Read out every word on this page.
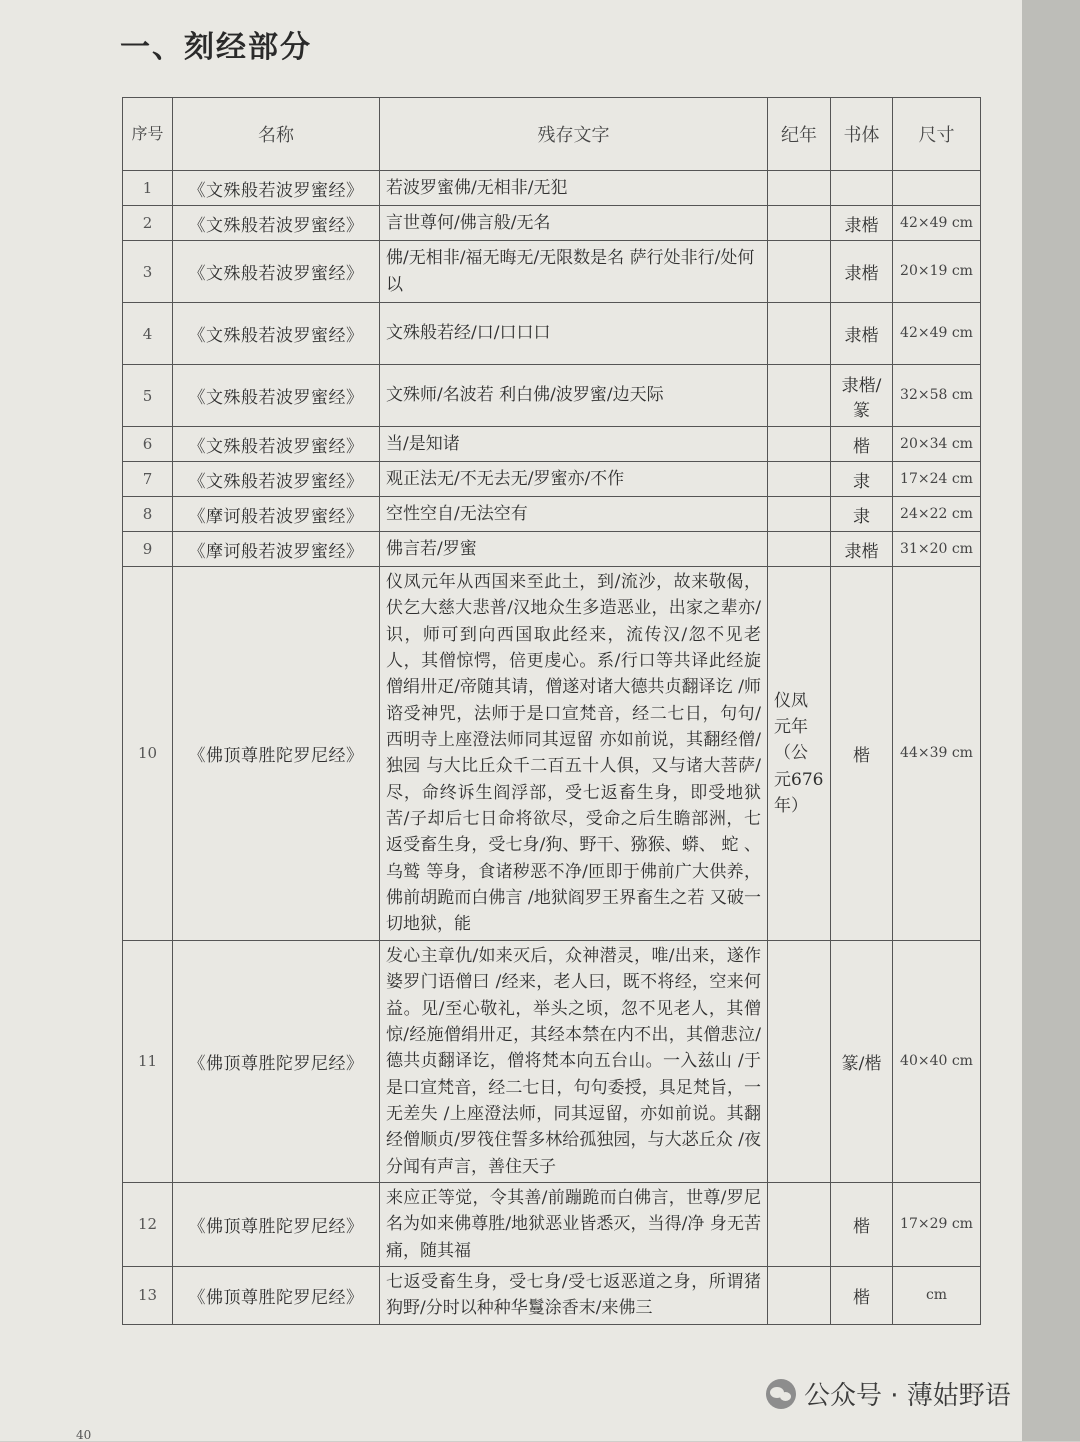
一、刻经部分
序号	名称	残存文字	纪年	书体	尺寸
1	《文殊般若波罗蜜经》	若波罗蜜佛/无相非/无犯			
2	《文殊般若波罗蜜经》	言世尊何/佛言般/无名		隶楷	42×49 cm
3	《文殊般若波罗蜜经》	佛/无相非/福无晦无/无限数是名 萨行处非行/处何以		隶楷	20×19 cm
4	《文殊般若波罗蜜经》	文殊般若经/口/口口口		隶楷	42×49 cm
5	《文殊般若波罗蜜经》	文殊师/名波若 利白佛/波罗蜜/边天际		隶楷/篆	32×58 cm
6	《文殊般若波罗蜜经》	当/是知诸		楷	20×34 cm
7	《文殊般若波罗蜜经》	观正法无/不无去无/罗蜜亦/不作		隶	17×24 cm
8	《摩诃般若波罗蜜经》	空性空自/无法空有		隶	24×22 cm
9	《摩诃般若波罗蜜经》	佛言若/罗蜜		隶楷	31×20 cm
10	《佛顶尊胜陀罗尼经》	仪凤元年从西国来至此土，到/流沙，故来敬偈，伏乞大慈大悲普/汉地众生多造恶业，出家之辈亦/识，师可到向西国取此经来，流传汉/忽不见老人，其僧惊愕，倍更虔心。系/行口等共译此经旋僧绢卅疋/帝随其请，僧遂对诸大德共贞翻译讫 /师谘受神咒，法师于是口宣梵音，经二七日，句句/西明寺上座澄法师同其逗留 亦如前说，其翻经僧/独园 与大比丘众千二百五十人俱，又与诸大菩萨/尽，命终诉生阎浮部，受七返畜生身，即受地狱苦/子却后七日命将欲尽，受命之后生瞻部洲，七返受畜生身，受七身/狗、野干、猕猴、蟒、 蛇 、乌鹫 等身，食诸秽恶不净/匝即于佛前广大供养，佛前胡跪而白佛言 /地狱阎罗王界畜生之若 又破一切地狱，能	仪凤元年（公元676年）	楷	44×39 cm
11	《佛顶尊胜陀罗尼经》	发心主章仇/如来灭后，众神潜灵，唯/出来，遂作婆罗门语僧曰 /经来，老人曰，既不将经，空来何益。见/至心敬礼，举头之顷，忽不见老人，其僧惊/经施僧绢卅疋，其经本禁在内不出，其僧悲泣/德共贞翻译讫，僧将梵本向五台山。一入兹山 /于是口宣梵音，经二七日，句句委授，具足梵旨，一无差失 /上座澄法师，同其逗留，亦如前说。其翻经僧顺贞/罗筏住誓多林给孤独园，与大苾丘众 /夜分闻有声言，善住天子		篆/楷	40×40 cm
12	《佛顶尊胜陀罗尼经》	来应正等觉，令其善/前蹦跪而白佛言，世尊/罗尼名为如来佛尊胜/地狱恶业皆悉灭，当得/净 身无苦痛，随其福		楷	17×29 cm
13	《佛顶尊胜陀罗尼经》	七返受畜生身，受七身/受七返恶道之身，所谓猪狗野/分时以种种华鬘涂香末/来佛三		楷	cm
公众号 · 薄姑野语
40
